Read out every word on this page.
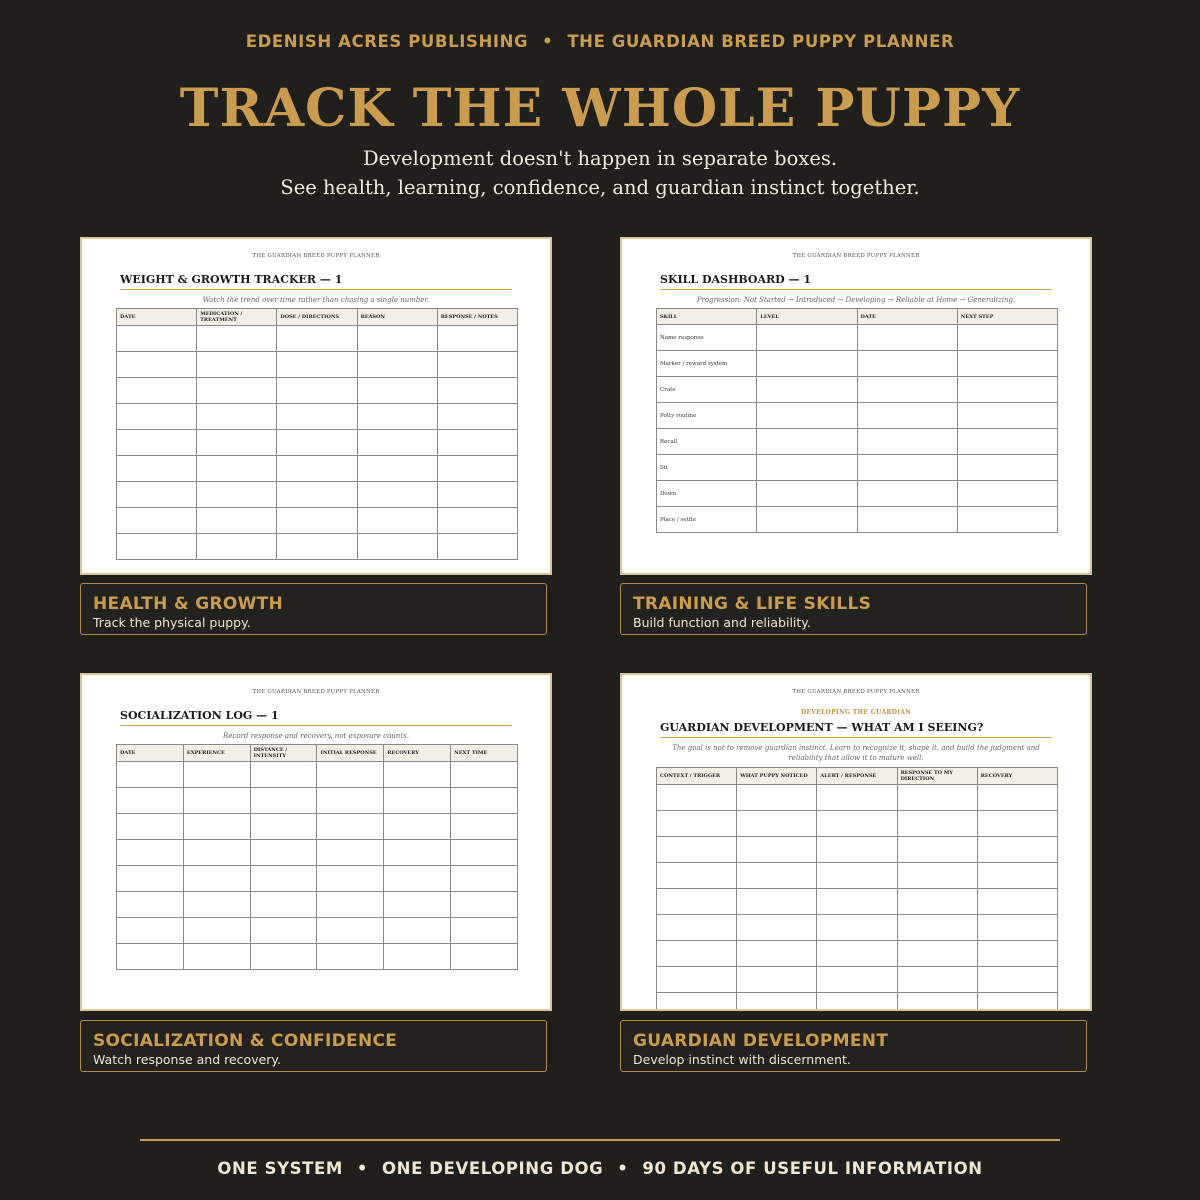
EDENISH ACRES PUBLISHING • THE GUARDIAN BREED PUPPY PLANNER
TRACK THE WHOLE PUPPY
Development doesn't happen in separate boxes.
See health, learning, confidence, and guardian instinct together.
THE GUARDIAN BREED PUPPY PLANNER
WEIGHT & GROWTH TRACKER — 1
Watch the trend over time rather than chasing a single number.
DATE	MEDICATION / TREATMENT	DOSE / DIRECTIONS	REASON	RESPONSE / NOTES

HEALTH & GROWTH
Track the physical puppy.
THE GUARDIAN BREED PUPPY PLANNER
SKILL DASHBOARD — 1
Progression: Not Started → Introduced → Developing → Reliable at Home → Generalizing.
SKILL	LEVEL	DATE	NEXT STEP
Name response			
Marker / reward system			
Crate			
Potty routine			
Recall			
Sit			
Down			
Place / settle			
TRAINING & LIFE SKILLS
Build function and reliability.
THE GUARDIAN BREED PUPPY PLANNER
SOCIALIZATION LOG — 1
Record response and recovery, not exposure counts.
DATE	EXPERIENCE	DISTANCE / INTENSITY	INITIAL RESPONSE	RECOVERY	NEXT TIME

SOCIALIZATION & CONFIDENCE
Watch response and recovery.
THE GUARDIAN BREED PUPPY PLANNER
DEVELOPING THE GUARDIAN
GUARDIAN DEVELOPMENT — WHAT AM I SEEING?
The goal is not to remove guardian instinct. Learn to recognize it, shape it, and build the judgment and reliability that allow it to mature well.
CONTEXT / TRIGGER	WHAT PUPPY NOTICED	ALERT / RESPONSE	RESPONSE TO MY DIRECTION	RECOVERY

GUARDIAN DEVELOPMENT
Develop instinct with discernment.
ONE SYSTEM • ONE DEVELOPING DOG • 90 DAYS OF USEFUL INFORMATION
